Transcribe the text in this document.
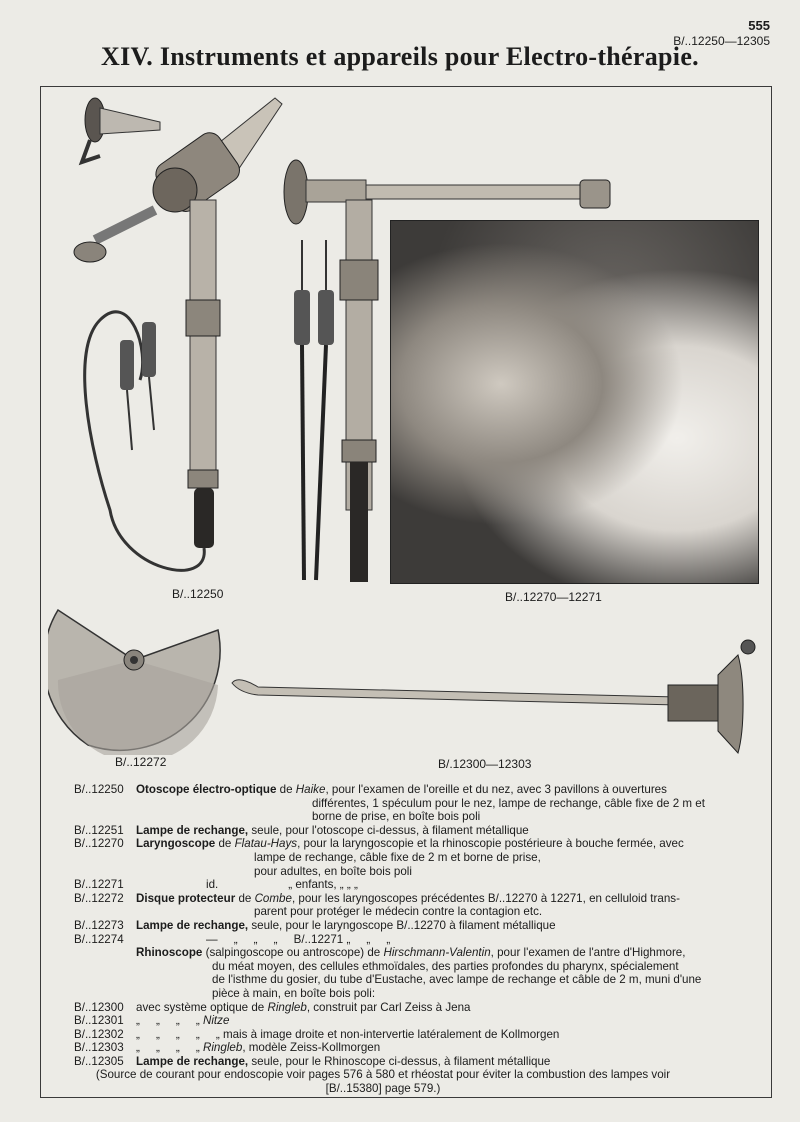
555
B/..12250—12305
XIV. Instruments et appareils pour Electro-thérapie.
B/..12250	B/..12270—12271
B/..12272	B/.12300—12303
B/..12250	Otoscope électro-optique de Haike, pour l'examen de l'oreille et du nez, avec 3 pavillons à ouvertures
différentes, 1 spéculum pour le nez, lampe de rechange, câble fixe de 2 m et
borne de prise, en boîte bois poli
B/..12251	Lampe de rechange, seule, pour l'otoscope ci-dessus, à filament métallique
B/..12270	Laryngoscope de Flatau-Hays, pour la laryngoscopie et la rhinoscopie postérieure à bouche fermée, avec
lampe de rechange, câble fixe de 2 m et borne de prise,
pour adultes, en boîte bois poli
B/..12271	id.	„ enfants, „ „ „
B/..12272	Disque protecteur de Combe, pour les laryngoscopes précédentes B/..12270 à 12271, en celluloid trans-
parent pour protéger le médecin contre la contagion etc.
B/..12273	Lampe de rechange, seule, pour le laryngoscope B/..12270 à filament métallique
B/..12274	—     „     „     „     B/..12271 „     „     „
Rhinoscope (salpingoscope ou antroscope) de Hirschmann-Valentin, pour l'examen de l'antre d'Highmore,
du méat moyen, des cellules ethmoïdales, des parties profondes du pharynx, spécialement
de l'isthme du gosier, du tube d'Eustache, avec lampe de rechange et câble de 2 m, muni d'une
pièce à main, en boîte bois poli:
B/..12300	avec système optique de Ringleb, construit par Carl Zeiss à Jena
B/..12301	„     „     „     „ Nitze
B/..12302	„     „     „     „     „ mais à image droite et non-intervertie latéralement de Kollmorgen
B/..12303	„     „     „     „ Ringleb, modèle Zeiss-Kollmorgen
B/..12305	Lampe de rechange, seule, pour le Rhinoscope ci-dessus, à filament métallique
(Source de courant pour endoscopie voir pages 576 à 580 et rhéostat pour éviter la combustion des lampes voir
[B/..15380] page 579.)
